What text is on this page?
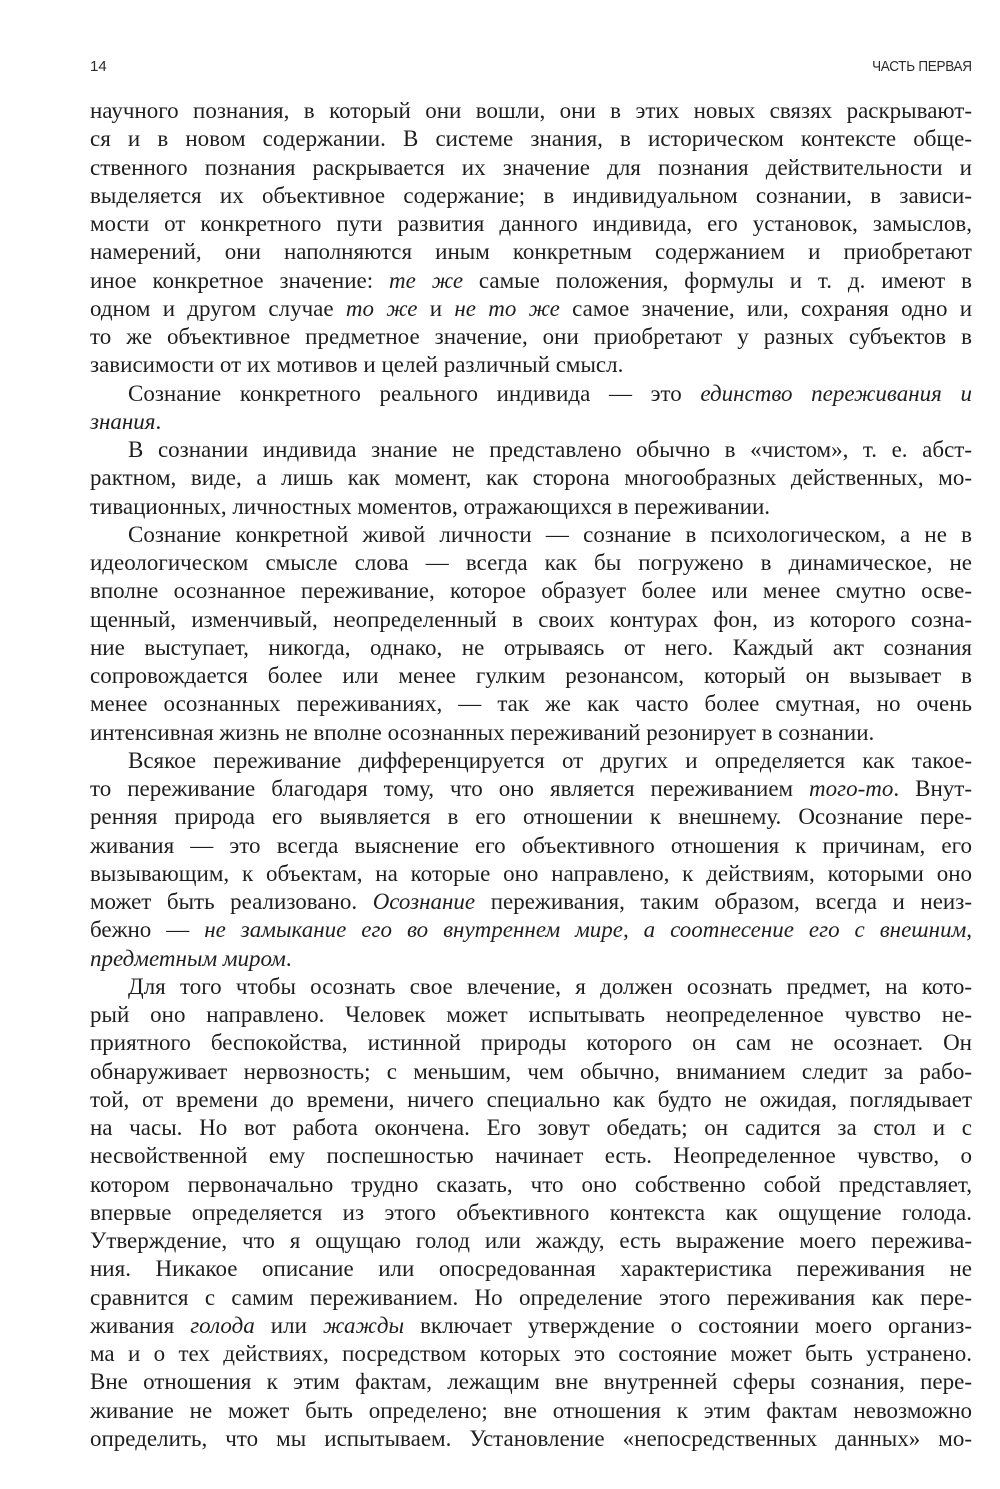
14	ЧАСТЬ ПЕРВАЯ
научного познания, в который они вошли, они в этих новых связях раскрывают-
ся и в новом содержании. В системе знания, в историческом контексте обще-
ственного познания раскрывается их значение для познания действительности и
выделяется их объективное содержание; в индивидуальном сознании, в зависи-
мости от конкретного пути развития данного индивида, его установок, замыслов,
намерений, они наполняются иным конкретным содержанием и приобретают
иное конкретное значение: те же самые положения, формулы и т. д. имеют в
одном и другом случае то же и не то же самое значение, или, сохраняя одно и
то же объективное предметное значение, они приобретают у разных субъектов в
зависимости от их мотивов и целей различный смысл.
Сознание конкретного реального индивида — это единство переживания и
знания.
В сознании индивида знание не представлено обычно в «чистом», т. е. абст-
рактном, виде, а лишь как момент, как сторона многообразных действенных, мо-
тивационных, личностных моментов, отражающихся в переживании.
Сознание конкретной живой личности — сознание в психологическом, а не в
идеологическом смысле слова — всегда как бы погружено в динамическое, не
вполне осознанное переживание, которое образует более или менее смутно осве-
щенный, изменчивый, неопределенный в своих контурах фон, из которого созна-
ние выступает, никогда, однако, не отрываясь от него. Каждый акт сознания
сопровождается более или менее гулким резонансом, который он вызывает в
менее осознанных переживаниях, — так же как часто более смутная, но очень
интенсивная жизнь не вполне осознанных переживаний резонирует в сознании.
Всякое переживание дифференцируется от других и определяется как такое-
то переживание благодаря тому, что оно является переживанием того-то. Внут-
ренняя природа его выявляется в его отношении к внешнему. Осознание пере-
живания — это всегда выяснение его объективного отношения к причинам, его
вызывающим, к объектам, на которые оно направлено, к действиям, которыми оно
может быть реализовано. Осознание переживания, таким образом, всегда и неиз-
бежно — не замыкание его во внутреннем мире, а соотнесение его с внешним,
предметным миром.
Для того чтобы осознать свое влечение, я должен осознать предмет, на кото-
рый оно направлено. Человек может испытывать неопределенное чувство не-
приятного беспокойства, истинной природы которого он сам не осознает. Он
обнаруживает нервозность; с меньшим, чем обычно, вниманием следит за рабо-
той, от времени до времени, ничего специально как будто не ожидая, поглядывает
на часы. Но вот работа окончена. Его зовут обедать; он садится за стол и с
несвойственной ему поспешностью начинает есть. Неопределенное чувство, о
котором первоначально трудно сказать, что оно собственно собой представляет,
впервые определяется из этого объективного контекста как ощущение голода.
Утверждение, что я ощущаю голод или жажду, есть выражение моего пережива-
ния. Никакое описание или опосредованная характеристика переживания не
сравнится с самим переживанием. Но определение этого переживания как пере-
живания голода или жажды включает утверждение о состоянии моего организ-
ма и о тех действиях, посредством которых это состояние может быть устранено.
Вне отношения к этим фактам, лежащим вне внутренней сферы сознания, пере-
живание не может быть определено; вне отношения к этим фактам невозможно
определить, что мы испытываем. Установление «непосредственных данных» мо-
